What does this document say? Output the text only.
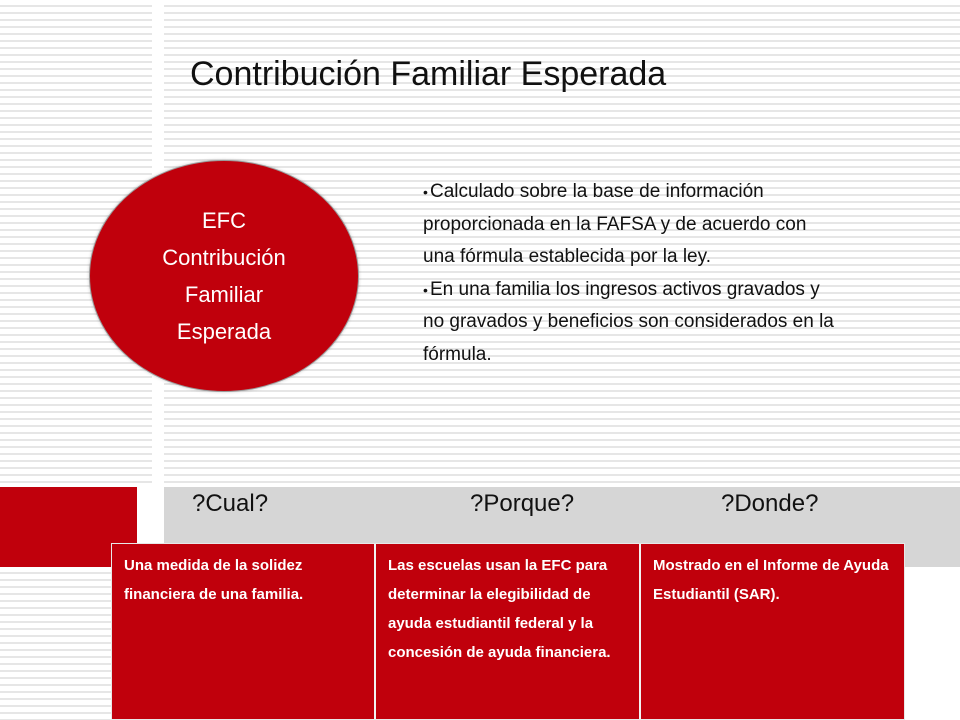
Contribución Familiar Esperada
EFC
Contribución
Familiar
Esperada
• Calculado sobre la base de información proporcionada en la FAFSA y de acuerdo con una fórmula establecida por la ley.
• En una familia los ingresos activos gravados y no gravados y beneficios son considerados en la fórmula.
?Cual?	?Porque?	?Donde?
Una medida de la solidez financiera de una familia.
Las escuelas usan la EFC para determinar la elegibilidad de ayuda estudiantil federal y la concesión de ayuda financiera.
Mostrado en el Informe de Ayuda Estudiantil (SAR).
